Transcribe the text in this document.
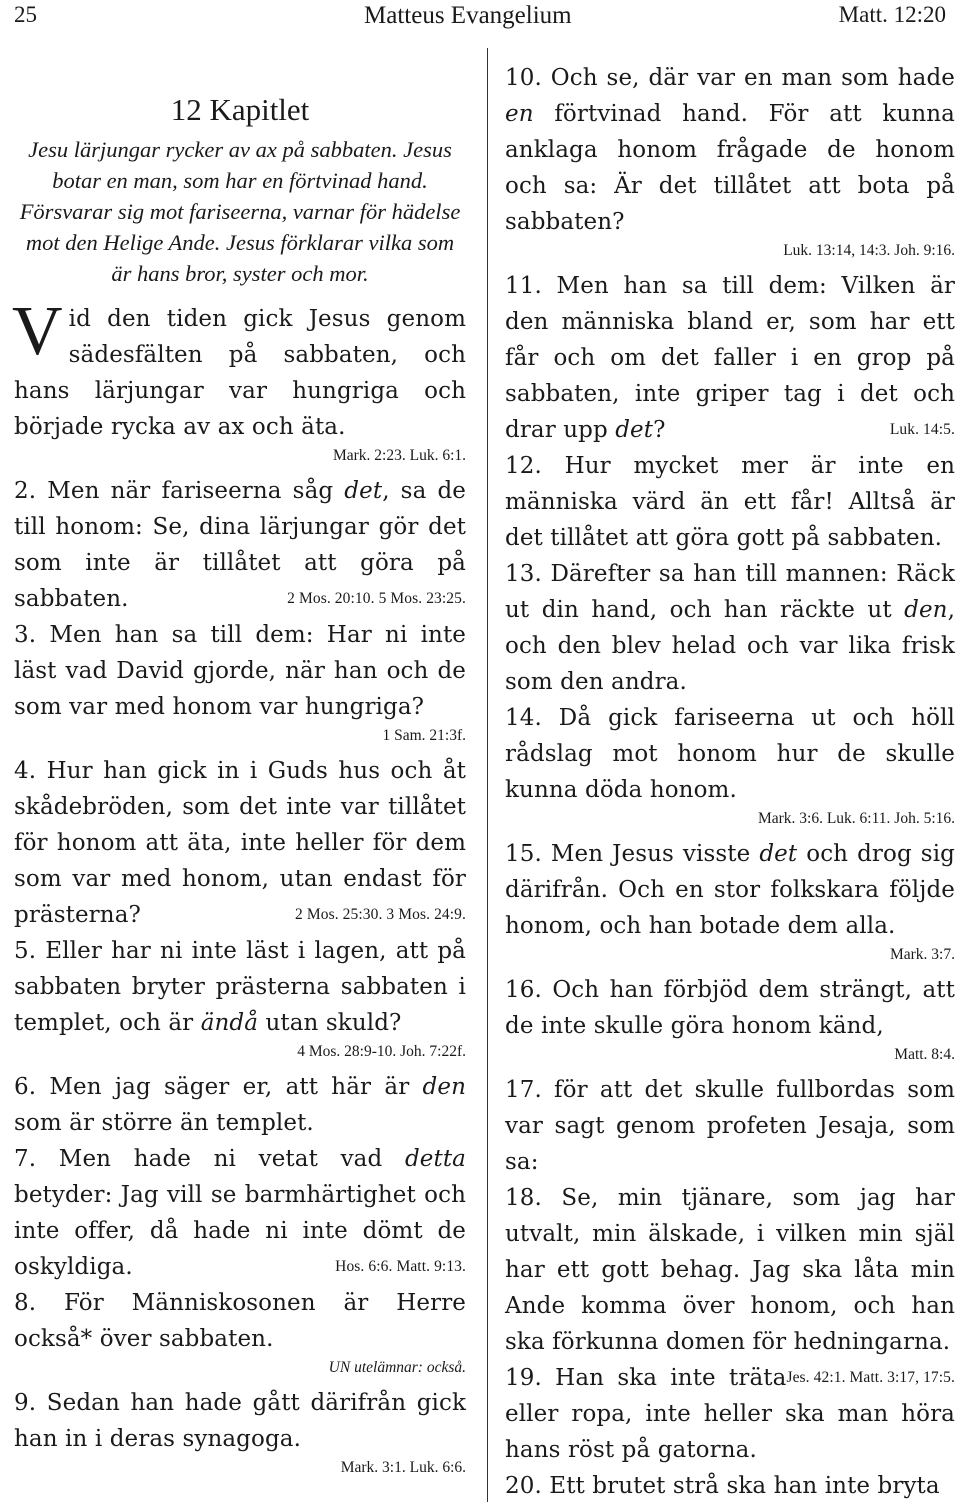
25	Matteus Evangelium	Matt. 12:20
12 Kapitlet
Jesu lärjungar rycker av ax på sabbaten. Jesus botar en man, som har en förtvinad hand. Försvarar sig mot fariseerna, varnar för hädelse mot den Helige Ande. Jesus förklarar vilka som är hans bror, syster och mor.

Vid den tiden gick Jesus genom sädesfälten på sabbaten, och hans lärjungar var hungriga och började rycka av ax och äta.

Mark. 2:23. Luk. 6:1.

2. Men när fariseerna såg det, sa de till honom: Se, dina lärjungar gör det som inte är tillåtet att göra på sabbaten.	2 Mos. 20:10. 5 Mos. 23:25.

3. Men han sa till dem: Har ni inte läst vad David gjorde, när han och de som var med honom var hungriga?

1 Sam. 21:3f.

4. Hur han gick in i Guds hus och åt skådebröden, som det inte var tillåtet för honom att äta, inte heller för dem som var med honom, utan endast för prästerna?	2 Mos. 25:30. 3 Mos. 24:9.

5. Eller har ni inte läst i lagen, att på sabbaten bryter prästerna sabbaten i templet, och är ändå utan skuld?

4 Mos. 28:9-10. Joh. 7:22f.

6. Men jag säger er, att här är den som är större än templet.

7. Men hade ni vetat vad detta betyder: Jag vill se barmhärtighet och inte offer, då hade ni inte dömt de oskyldiga.	Hos. 6:6. Matt. 9:13.

8. För Människosonen är Herre också* över sabbaten.

UN utelämnar: också.

9. Sedan han hade gått därifrån gick han in i deras synagoga.

Mark. 3:1. Luk. 6:6.

10. Och se, där var en man som hade en förtvinad hand. För att kunna anklaga honom frågade de honom och sa: Är det tillåtet att bota på sabbaten?

Luk. 13:14, 14:3. Joh. 9:16.

11. Men han sa till dem: Vilken är den människa bland er, som har ett får och om det faller i en grop på sabbaten, inte griper tag i det och drar upp det?	Luk. 14:5.

12. Hur mycket mer är inte en människa värd än ett får! Alltså är det tillåtet att göra gott på sabbaten.

13. Därefter sa han till mannen: Räck ut din hand, och han räckte ut den, och den blev helad och var lika frisk som den andra.

14. Då gick fariseerna ut och höll rådslag mot honom hur de skulle kunna döda honom.

Mark. 3:6. Luk. 6:11. Joh. 5:16.

15. Men Jesus visste det och drog sig därifrån. Och en stor folkskara följde honom, och han botade dem alla.

Mark. 3:7.

16. Och han förbjöd dem strängt, att de inte skulle göra honom känd,

Matt. 8:4.

17. för att det skulle fullbordas som var sagt genom profeten Jesaja, som sa:

18. Se, min tjänare, som jag har utvalt, min älskade, i vilken min själ har ett gott behag. Jag ska låta min Ande komma över honom, och han ska förkunna domen för hedningarna.
Jes. 42:1. Matt. 3:17, 17:5.

19. Han ska inte träta eller ropa, inte heller ska man höra hans röst på gatorna.

20. Ett brutet strå ska han inte bryta
